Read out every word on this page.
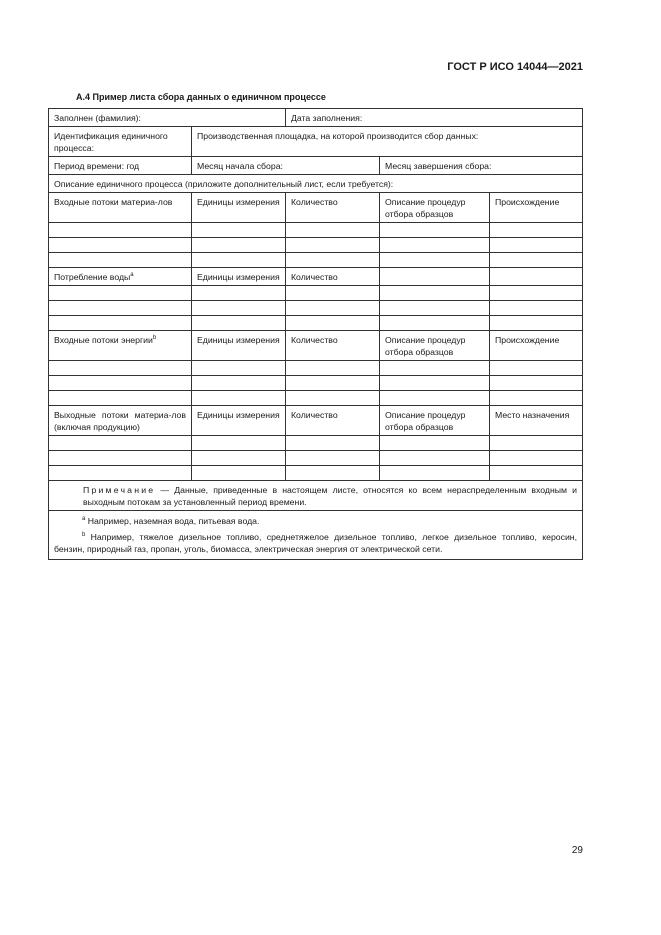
ГОСТ Р ИСО 14044—2021
A.4 Пример листа сбора данных о единичном процессе
Заполнен (фамилия):		Дата заполнения:		
Идентификация единичного процесса:	Производственная площадка, на которой производится сбор данных:			
Период времени: год	Месяц начала сбора:		Месяц завершения сбора:	
Описание единичного процесса (приложите дополнительный лист, если требуется):				
Входные потоки материа-лов	Единицы измерения	Количество	Описание процедур отбора образцов	Происхождение

Потребление воды$^a$	Единицы измерения	Количество		

Входные потоки энергии$^b$	Единицы измерения	Количество	Описание процедур отбора образцов	Происхождение

Выходные потоки материа-лов (включая продукцию)	Единицы измерения	Количество	Описание процедур отбора образцов	Место назначения

Примечание — Данные, приведенные в настоящем листе, относятся ко всем нераспределенным входным и выходным потокам за установленный период времени.				

$^a$ Например, наземная вода, питьевая вода.
$^b$ Например, тяжелое дизельное топливо, среднетяжелое дизельное топливо, легкое дизельное топливо, керосин, бензин, природный газ, пропан, уголь, биомасса, электрическая энергия от электрической сети.				
29
